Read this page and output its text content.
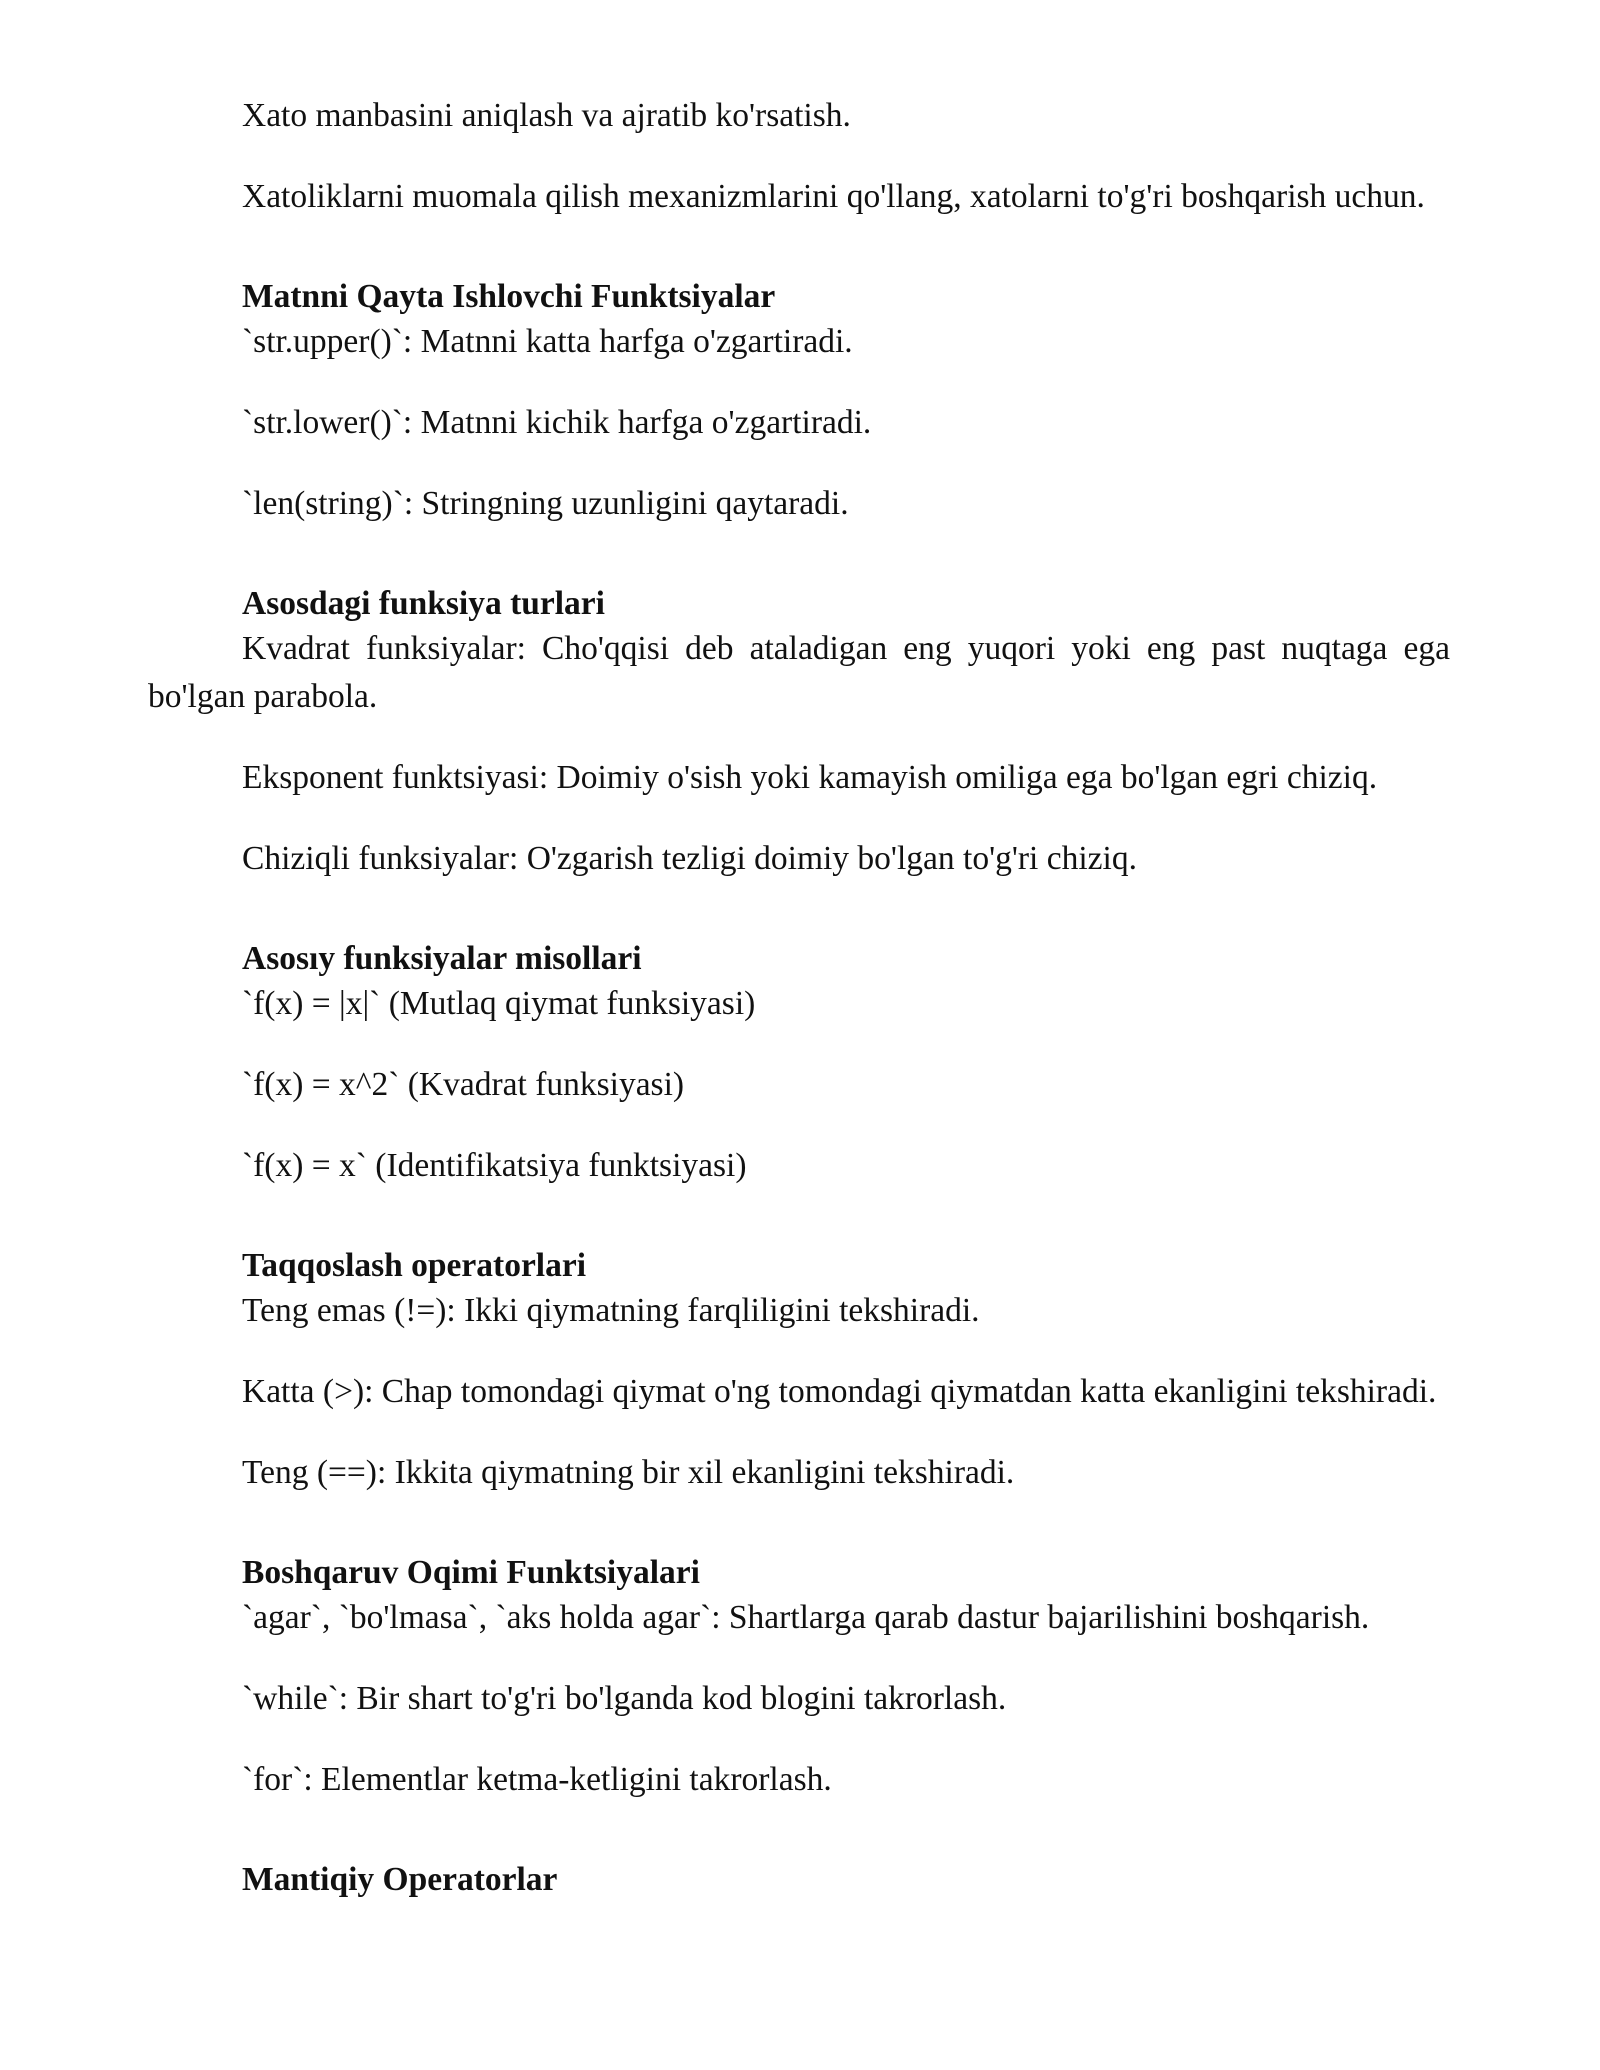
Xato manbasini aniqlash va ajratib ko'rsatish.

Xatoliklarni muomala qilish mexanizmlarini qo'llang, xatolarni to'g'ri boshqarish uchun.

Matnni Qayta Ishlovchi Funktsiyalar

`str.upper()`: Matnni katta harfga o'zgartiradi.

`str.lower()`: Matnni kichik harfga o'zgartiradi.

`len(string)`: Stringning uzunligini qaytaradi.

Asosdagi funksiya turlari

Kvadrat funksiyalar: Cho'qqisi deb ataladigan eng yuqori yoki eng past nuqtaga ega bo'lgan parabola.

Eksponent funktsiyasi: Doimiy o'sish yoki kamayish omiliga ega bo'lgan egri chiziq.

Chiziqli funksiyalar: O'zgarish tezligi doimiy bo'lgan to'g'ri chiziq.

Asosıy funksiyalar misollari

`f(x) = |x|` (Mutlaq qiymat funksiyasi)

`f(x) = x^2` (Kvadrat funksiyasi)

`f(x) = x` (Identifikatsiya funktsiyasi)

Taqqoslash operatorlari

Teng emas (!=): Ikki qiymatning farqliligini tekshiradi.

Katta (>): Chap tomondagi qiymat o'ng tomondagi qiymatdan katta ekanligini tekshiradi.

Teng (==): Ikkita qiymatning bir xil ekanligini tekshiradi.

Boshqaruv Oqimi Funktsiyalari

`agar`, `bo'lmasa`, `aks holda agar`: Shartlarga qarab dastur bajarilishini boshqarish.

`while`: Bir shart to'g'ri bo'lganda kod blogini takrorlash.

`for`: Elementlar ketma-ketligini takrorlash.

Mantiqiy Operatorlar
